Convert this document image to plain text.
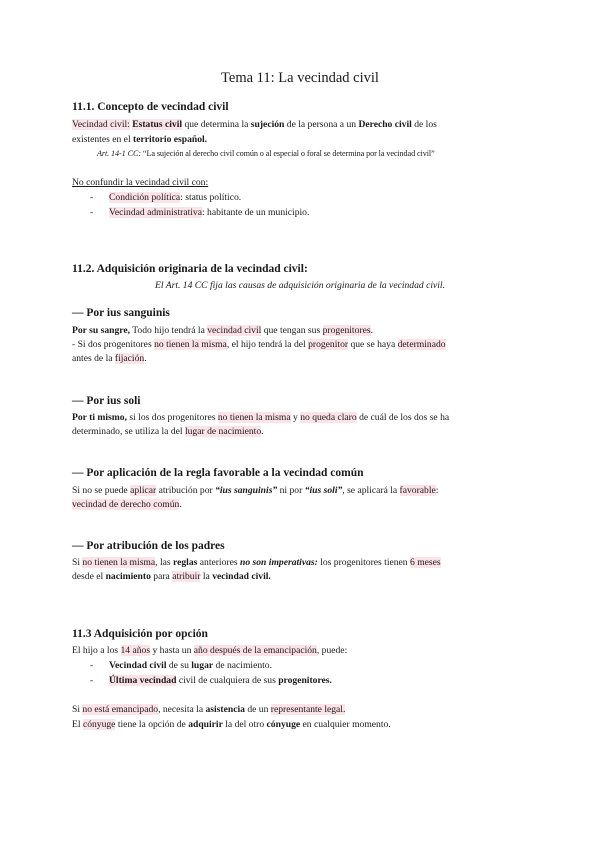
Tema 11: La vecindad civil
11.1. Concepto de vecindad civil
Vecindad civil: Estatus civil que determina la sujeción de la persona a un Derecho civil de los
existentes en el territorio español.
Art. 14-1 CC: “La sujeción al derecho civil común o al especial o foral se determina por la vecindad civil”
No confundir la vecindad civil con:
- Condición política: status político.
- Vecindad administrativa: habitante de un municipio.
11.2. Adquisición originaria de la vecindad civil:
El Art. 14 CC fija las causas de adquisición originaria de la vecindad civil.
— Por ius sanguinis
Por su sangre, Todo hijo tendrá la vecindad civil que tengan sus progenitores.
- Si dos progenitores no tienen la misma, el hijo tendrá la del progenitor que se haya determinado
antes de la fijación.
— Por ius soli
Por ti mismo, si los dos progenitores no tienen la misma y no queda claro de cuál de los dos se ha
determinado, se utiliza la del lugar de nacimiento.
— Por aplicación de la regla favorable a la vecindad común
Si no se puede aplicar atribución por “ius sanguinis” ni por “ius soli”, se aplicará la favorable:
vecindad de derecho común.
— Por atribución de los padres
Si no tienen la misma, las reglas anteriores no son imperativas: los progenitores tienen 6 meses
desde el nacimiento para atribuir la vecindad civil.
11.3 Adquisición por opción
El hijo a los 14 años y hasta un año después de la emancipación, puede:
- Vecindad civil de su lugar de nacimiento.
- Última vecindad civil de cualquiera de sus progenitores.
Si no está emancipado, necesita la asistencia de un representante legal.
El cónyuge tiene la opción de adquirir la del otro cónyuge en cualquier momento.
